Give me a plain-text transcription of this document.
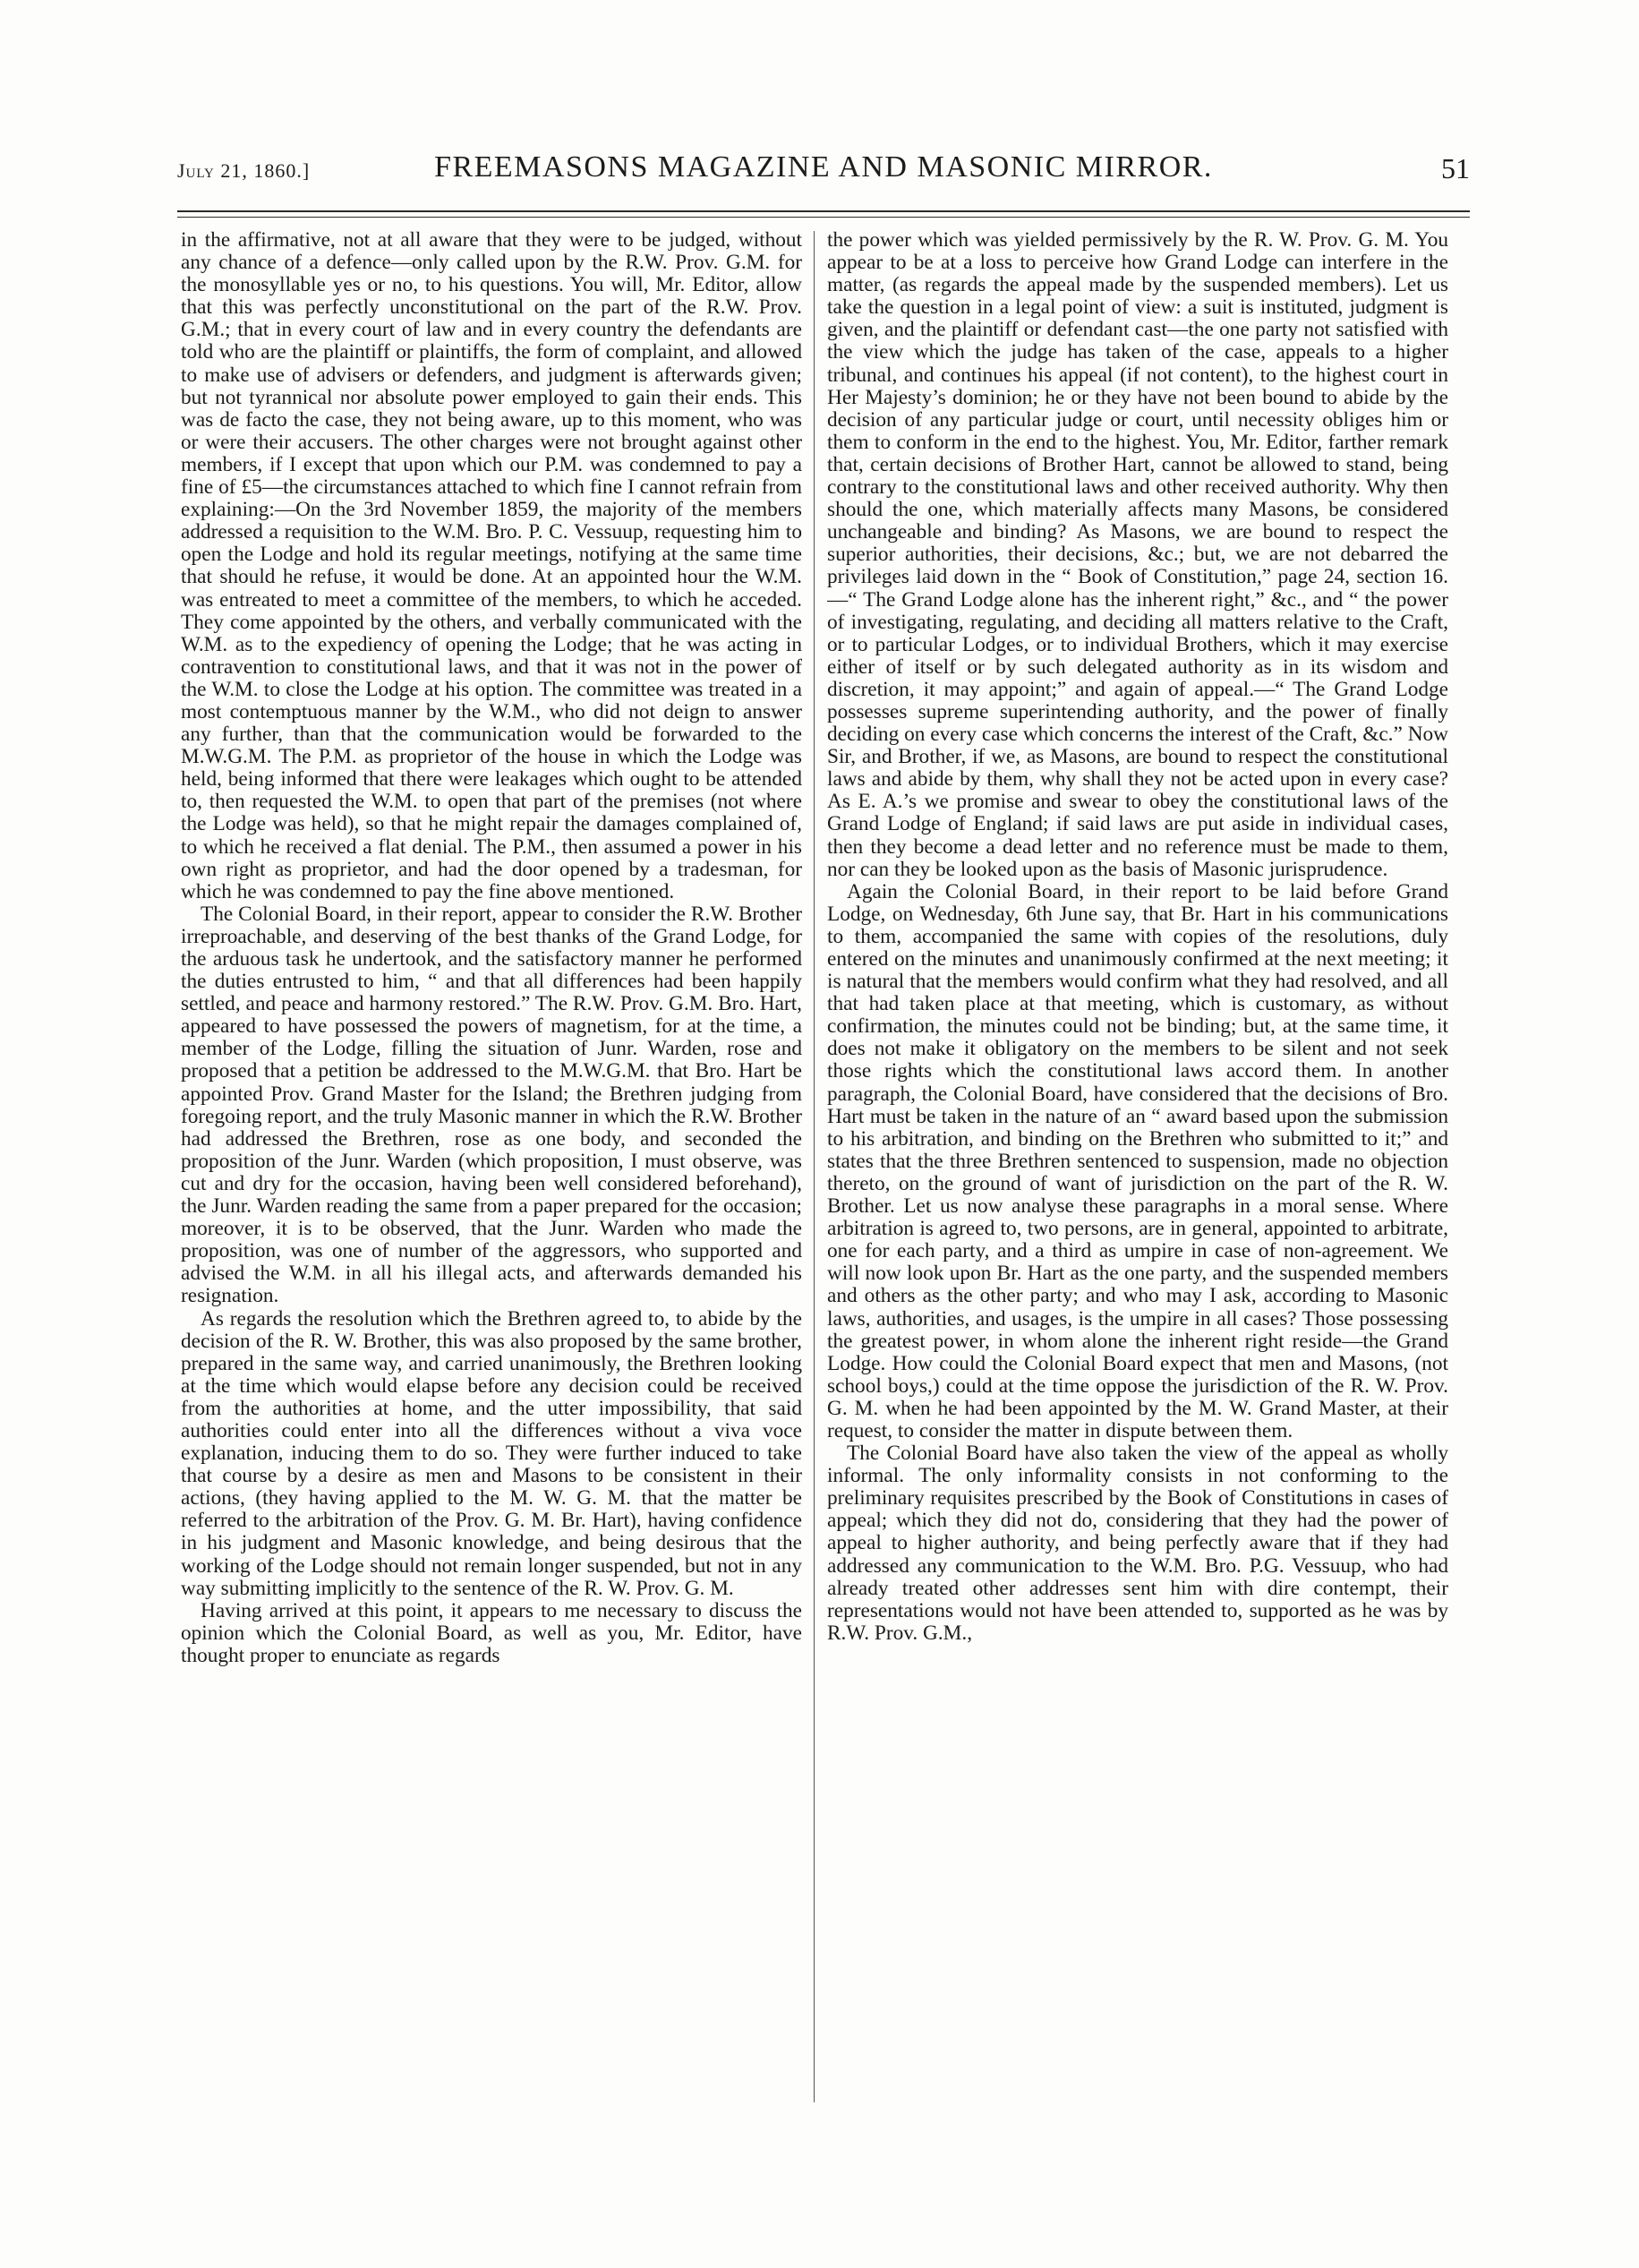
July 21, 1860.]	FREEMASONS MAGAZINE AND MASONIC MIRROR.	51

in the affirmative, not at all aware that they were to be judged, without any chance of a defence—only called upon by the R.W. Prov. G.M. for the monosyllable yes or no, to his questions. You will, Mr. Editor, allow that this was perfectly unconstitutional on the part of the R.W. Prov. G.M.; that in every court of law and in every country the defendants are told who are the plaintiff or plaintiffs, the form of complaint, and allowed to make use of advisers or defenders, and judgment is afterwards given; but not tyrannical nor absolute power employed to gain their ends. This was de facto the case, they not being aware, up to this moment, who was or were their accusers. The other charges were not brought against other members, if I except that upon which our P.M. was condemned to pay a fine of £5—the circumstances attached to which fine I cannot refrain from explaining:—On the 3rd November 1859, the majority of the members addressed a requisition to the W.M. Bro. P. C. Vessuup, requesting him to open the Lodge and hold its regular meetings, notifying at the same time that should he refuse, it would be done. At an appointed hour the W.M. was entreated to meet a committee of the members, to which he acceded. They come appointed by the others, and verbally communicated with the W.M. as to the expediency of opening the Lodge; that he was acting in contravention to constitutional laws, and that it was not in the power of the W.M. to close the Lodge at his option. The committee was treated in a most contemptuous manner by the W.M., who did not deign to answer any further, than that the communication would be forwarded to the M.W.G.M. The P.M. as proprietor of the house in which the Lodge was held, being informed that there were leakages which ought to be attended to, then requested the W.M. to open that part of the premises (not where the Lodge was held), so that he might repair the damages complained of, to which he received a flat denial. The P.M., then assumed a power in his own right as proprietor, and had the door opened by a tradesman, for which he was condemned to pay the fine above mentioned.

The Colonial Board, in their report, appear to consider the R.W. Brother irreproachable, and deserving of the best thanks of the Grand Lodge, for the arduous task he undertook, and the satisfactory manner he performed the duties entrusted to him, “ and that all differences had been happily settled, and peace and harmony restored.” The R.W. Prov. G.M. Bro. Hart, appeared to have possessed the powers of magnetism, for at the time, a member of the Lodge, filling the situation of Junr. Warden, rose and proposed that a petition be addressed to the M.W.G.M. that Bro. Hart be appointed Prov. Grand Master for the Island; the Brethren judging from foregoing report, and the truly Masonic manner in which the R.W. Brother had addressed the Brethren, rose as one body, and seconded the proposition of the Junr. Warden (which proposition, I must observe, was cut and dry for the occasion, having been well considered beforehand), the Junr. Warden reading the same from a paper prepared for the occasion; moreover, it is to be observed, that the Junr. Warden who made the proposition, was one of number of the aggressors, who supported and advised the W.M. in all his illegal acts, and afterwards demanded his resignation.

As regards the resolution which the Brethren agreed to, to abide by the decision of the R. W. Brother, this was also proposed by the same brother, prepared in the same way, and carried unanimously, the Brethren looking at the time which would elapse before any decision could be received from the authorities at home, and the utter impossibility, that said authorities could enter into all the differences without a viva voce explanation, inducing them to do so. They were further induced to take that course by a desire as men and Masons to be consistent in their actions, (they having applied to the M. W. G. M. that the matter be referred to the arbitration of the Prov. G. M. Br. Hart), having confidence in his judgment and Masonic knowledge, and being desirous that the working of the Lodge should not remain longer suspended, but not in any way submitting implicitly to the sentence of the R. W. Prov. G. M.

Having arrived at this point, it appears to me necessary to discuss the opinion which the Colonial Board, as well as you, Mr. Editor, have thought proper to enunciate as regards

the power which was yielded permissively by the R. W. Prov. G. M. You appear to be at a loss to perceive how Grand Lodge can interfere in the matter, (as regards the appeal made by the suspended members). Let us take the question in a legal point of view: a suit is instituted, judgment is given, and the plaintiff or defendant cast—the one party not satisfied with the view which the judge has taken of the case, appeals to a higher tribunal, and continues his appeal (if not content), to the highest court in Her Majesty’s dominion; he or they have not been bound to abide by the decision of any particular judge or court, until necessity obliges him or them to conform in the end to the highest. You, Mr. Editor, farther remark that, certain decisions of Brother Hart, cannot be allowed to stand, being contrary to the constitutional laws and other received authority. Why then should the one, which materially affects many Masons, be considered unchangeable and binding? As Masons, we are bound to respect the superior authorities, their decisions, &c.; but, we are not debarred the privileges laid down in the “ Book of Constitution,” page 24, section 16.—“ The Grand Lodge alone has the inherent right,” &c., and “ the power of investigating, regulating, and deciding all matters relative to the Craft, or to particular Lodges, or to individual Brothers, which it may exercise either of itself or by such delegated authority as in its wisdom and discretion, it may appoint;” and again of appeal.—“ The Grand Lodge possesses supreme superintending authority, and the power of finally deciding on every case which concerns the interest of the Craft, &c.” Now Sir, and Brother, if we, as Masons, are bound to respect the constitutional laws and abide by them, why shall they not be acted upon in every case? As E. A.’s we promise and swear to obey the constitutional laws of the Grand Lodge of England; if said laws are put aside in individual cases, then they become a dead letter and no reference must be made to them, nor can they be looked upon as the basis of Masonic jurisprudence.

Again the Colonial Board, in their report to be laid before Grand Lodge, on Wednesday, 6th June say, that Br. Hart in his communications to them, accompanied the same with copies of the resolutions, duly entered on the minutes and unanimously confirmed at the next meeting; it is natural that the members would confirm what they had resolved, and all that had taken place at that meeting, which is customary, as without confirmation, the minutes could not be binding; but, at the same time, it does not make it obligatory on the members to be silent and not seek those rights which the constitutional laws accord them. In another paragraph, the Colonial Board, have considered that the decisions of Bro. Hart must be taken in the nature of an “ award based upon the submission to his arbitration, and binding on the Brethren who submitted to it;” and states that the three Brethren sentenced to suspension, made no objection thereto, on the ground of want of jurisdiction on the part of the R. W. Brother. Let us now analyse these paragraphs in a moral sense. Where arbitration is agreed to, two persons, are in general, appointed to arbitrate, one for each party, and a third as umpire in case of non-agreement. We will now look upon Br. Hart as the one party, and the suspended members and others as the other party; and who may I ask, according to Masonic laws, authorities, and usages, is the umpire in all cases? Those possessing the greatest power, in whom alone the inherent right reside—the Grand Lodge. How could the Colonial Board expect that men and Masons, (not school boys,) could at the time oppose the jurisdiction of the R. W. Prov. G. M. when he had been appointed by the M. W. Grand Master, at their request, to consider the matter in dispute between them.

The Colonial Board have also taken the view of the appeal as wholly informal. The only informality consists in not conforming to the preliminary requisites prescribed by the Book of Constitutions in cases of appeal; which they did not do, considering that they had the power of appeal to higher authority, and being perfectly aware that if they had addressed any communication to the W.M. Bro. P.G. Vessuup, who had already treated other addresses sent him with dire contempt, their representations would not have been attended to, supported as he was by R.W. Prov. G.M.,
